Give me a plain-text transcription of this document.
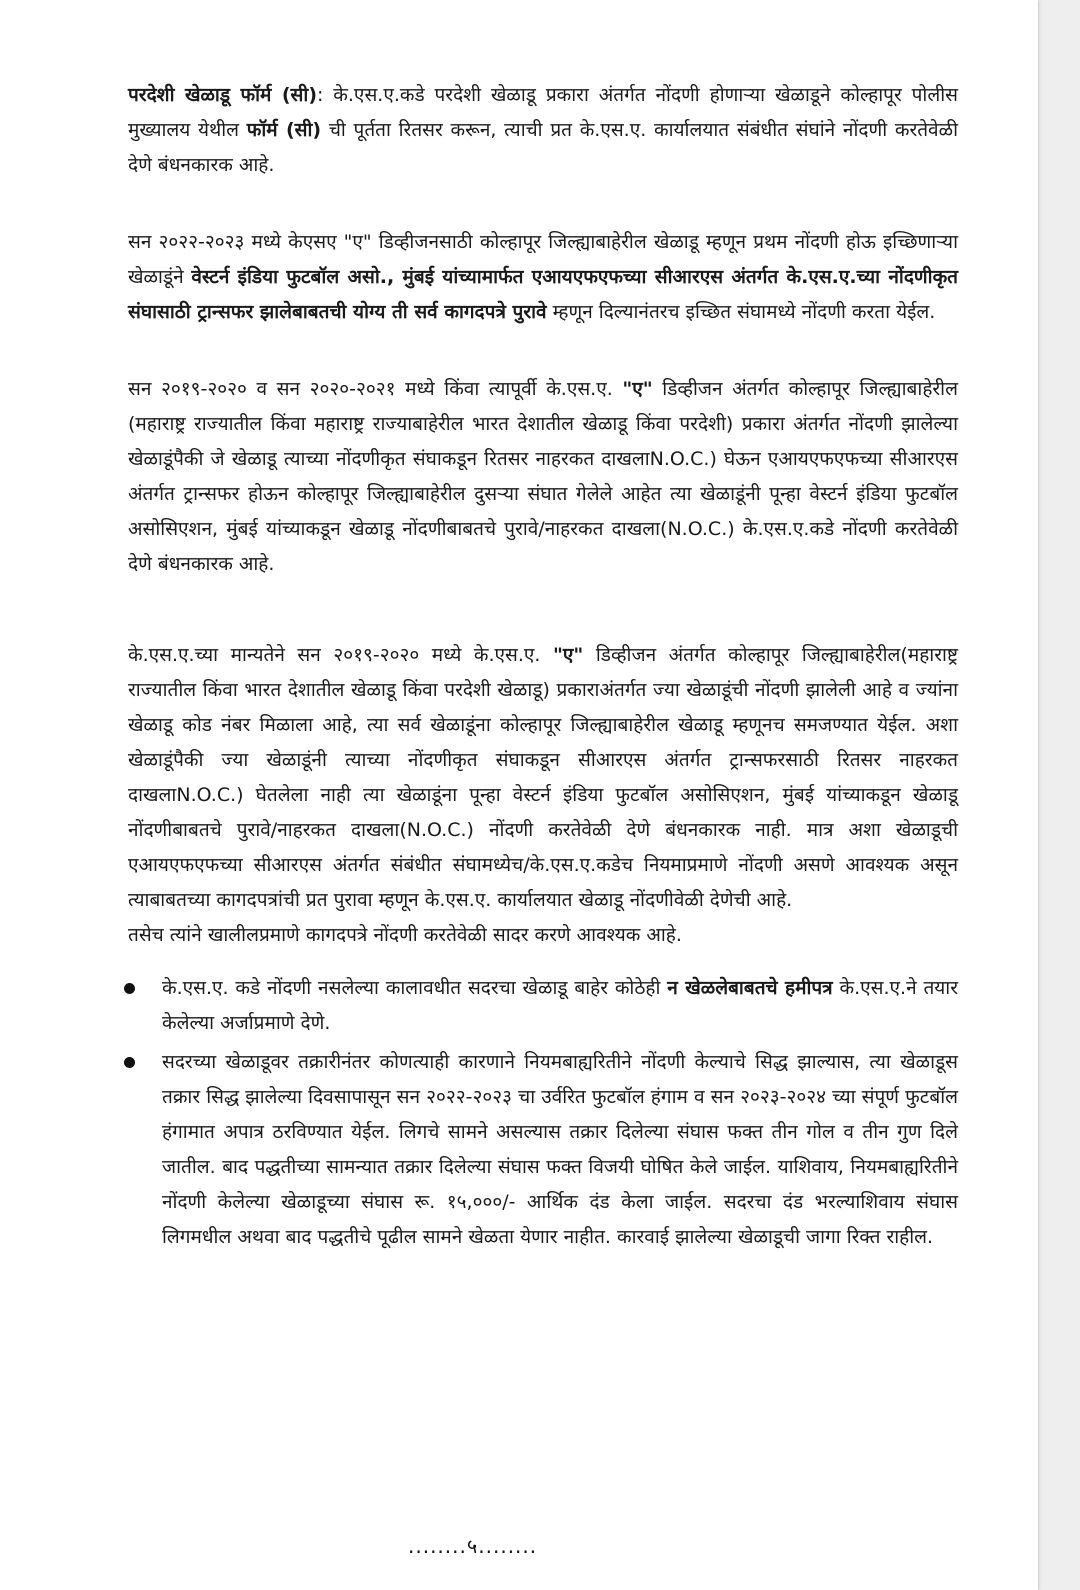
परदेशी खेळाडू फॉर्म (सी): के.एस.ए.कडे परदेशी खेळाडू प्रकारा अंतर्गत नोंदणी होणाऱ्या खेळाडूने कोल्हापूर पोलीस मुख्यालय येथील फॉर्म (सी) ची पूर्तता रितसर करून, त्याची प्रत के.एस.ए. कार्यालयात संबंधीत संघांने नोंदणी करतेवेळी देणे बंधनकारक आहे.

सन २०२२-२०२३ मध्ये केएसए "ए" डिव्हीजनसाठी कोल्हापूर जिल्ह्याबाहेरील खेळाडू म्हणून प्रथम नोंदणी होऊ इच्छिणाऱ्या खेळाडूंने वेस्टर्न इंडिया फुटबॉल असो., मुंबई यांच्यामार्फत एआयएफएफच्या सीआरएस अंतर्गत के.एस.ए.च्या नोंदणीकृत संघासाठी ट्रान्सफर झालेबाबतची योग्य ती सर्व कागदपत्रे पुरावे म्हणून दिल्यानंतरच इच्छित संघामध्ये नोंदणी करता येईल.

सन २०१९-२०२० व सन २०२०-२०२१ मध्ये किंवा त्यापूर्वी के.एस.ए. "ए" डिव्हीजन अंतर्गत कोल्हापूर जिल्ह्याबाहेरील (महाराष्ट्र राज्यातील किंवा महाराष्ट्र राज्याबाहेरील भारत देशातील खेळाडू किंवा परदेशी) प्रकारा अंतर्गत नोंदणी झालेल्या खेळाडूंपैकी जे खेळाडू त्याच्या नोंदणीकृत संघाकडून रितसर नाहरकत दाखलाN.O.C.) घेऊन एआयएफएफच्या सीआरएस अंतर्गत ट्रान्सफर होऊन कोल्हापूर जिल्ह्याबाहेरील दुसऱ्या संघात गेलेले आहेत त्या खेळाडूंनी पून्हा वेस्टर्न इंडिया फुटबॉल असोसिएशन, मुंबई यांच्याकडून खेळाडू नोंदणीबाबतचे पुरावे/नाहरकत दाखला(N.O.C.) के.एस.ए.कडे नोंदणी करतेवेळी देणे बंधनकारक आहे.

के.एस.ए.च्या मान्यतेने सन २०१९-२०२० मध्ये के.एस.ए. "ए" डिव्हीजन अंतर्गत कोल्हापूर जिल्ह्याबाहेरील(महाराष्ट्र राज्यातील किंवा भारत देशातील खेळाडू किंवा परदेशी खेळाडू) प्रकाराअंतर्गत ज्या खेळाडूंची नोंदणी झालेली आहे व ज्यांना खेळाडू कोड नंबर मिळाला आहे, त्या सर्व खेळाडूंना कोल्हापूर जिल्ह्याबाहेरील खेळाडू म्हणूनच समजण्यात येईल. अशा खेळाडूंपैकी ज्या खेळाडूंनी त्याच्या नोंदणीकृत संघाकडून सीआरएस अंतर्गत ट्रान्सफरसाठी रितसर नाहरकत दाखलाN.O.C.) घेतलेला नाही त्या खेळाडूंना पून्हा वेस्टर्न इंडिया फुटबॉल असोसिएशन, मुंबई यांच्याकडून खेळाडू नोंदणीबाबतचे पुरावे/नाहरकत दाखला(N.O.C.) नोंदणी करतेवेळी देणे बंधनकारक नाही. मात्र अशा खेळाडूची एआयएफएफच्या सीआरएस अंतर्गत संबंधीत संघामध्येच/के.एस.ए.कडेच नियमाप्रमाणे नोंदणी असणे आवश्यक असून त्याबाबतच्या कागदपत्रांची प्रत पुरावा म्हणून के.एस.ए. कार्यालयात खेळाडू नोंदणीवेळी देणेची आहे.

तसेच त्यांने खालीलप्रमाणे कागदपत्रे नोंदणी करतेवेळी सादर करणे आवश्यक आहे.

के.एस.ए. कडे नोंदणी नसलेल्या कालावधीत सदरचा खेळाडू बाहेर कोठेही न खेळलेबाबतचे हमीपत्र के.एस.ए.ने तयार केलेल्या अर्जाप्रमाणे देणे.
सदरच्या खेळाडूवर तक्रारीनंतर कोणत्याही कारणाने नियमबाह्यरितीने नोंदणी केल्याचे सिद्ध झाल्यास, त्या खेळाडूस तक्रार सिद्ध झालेल्या दिवसापासून सन २०२२-२०२३ चा उर्वरित फुटबॉल हंगाम व सन २०२३-२०२४ च्या संपूर्ण फुटबॉल हंगामात अपात्र ठरविण्यात येईल. लिगचे सामने असल्यास तक्रार दिलेल्या संघास फक्त तीन गोल व तीन गुण दिले जातील. बाद पद्धतीच्या सामन्यात तक्रार दिलेल्या संघास फक्त विजयी घोषित केले जाईल. याशिवाय, नियमबाह्यरितीने नोंदणी केलेल्या खेळाडूच्या संघास रू. १५,०००/- आर्थिक दंड केला जाईल. सदरचा दंड भरल्याशिवाय संघास लिगमधील अथवा बाद पद्धतीचे पूढील सामने खेळता येणार नाहीत. कारवाई झालेल्या खेळाडूची जागा रिक्त राहील.
........५........
